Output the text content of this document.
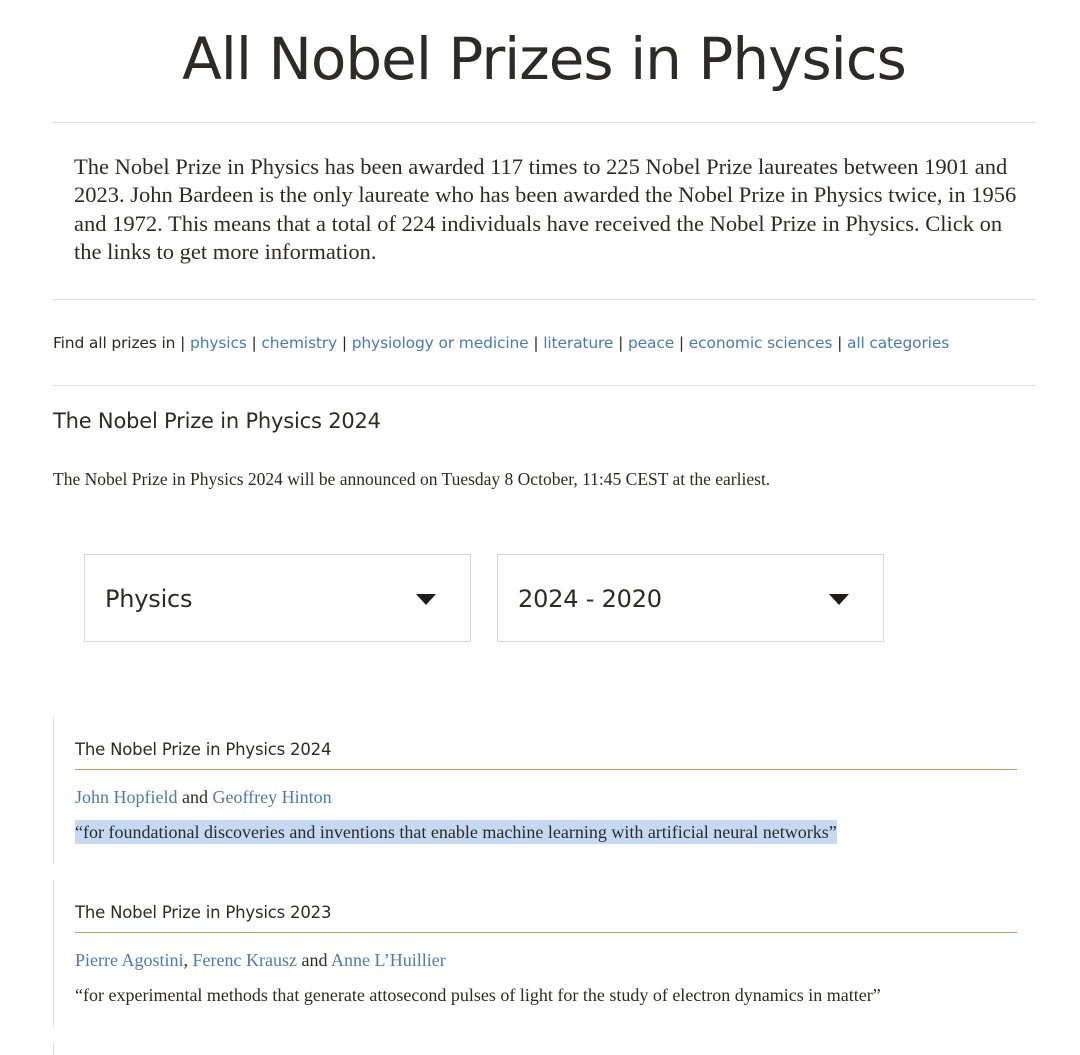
All Nobel Prizes in Physics

The Nobel Prize in Physics has been awarded 117 times to 225 Nobel Prize laureates between 1901 and 2023. John Bardeen is the only laureate who has been awarded the Nobel Prize in Physics twice, in 1956 and 1972. This means that a total of 224 individuals have received the Nobel Prize in Physics. Click on the links to get more information.

Find all prizes in | physics | chemistry | physiology or medicine | literature | peace | economic sciences | all categories
The Nobel Prize in Physics 2024

The Nobel Prize in Physics 2024 will be announced on Tuesday 8 October, 11:45 CEST at the earliest.

Physics	2024 - 2020
The Nobel Prize in Physics 2024
John Hopfield and Geoffrey Hinton
“for foundational discoveries and inventions that enable machine learning with artificial neural networks”
The Nobel Prize in Physics 2023
Pierre Agostini, Ferenc Krausz and Anne L’Huillier
“for experimental methods that generate attosecond pulses of light for the study of electron dynamics in matter”
